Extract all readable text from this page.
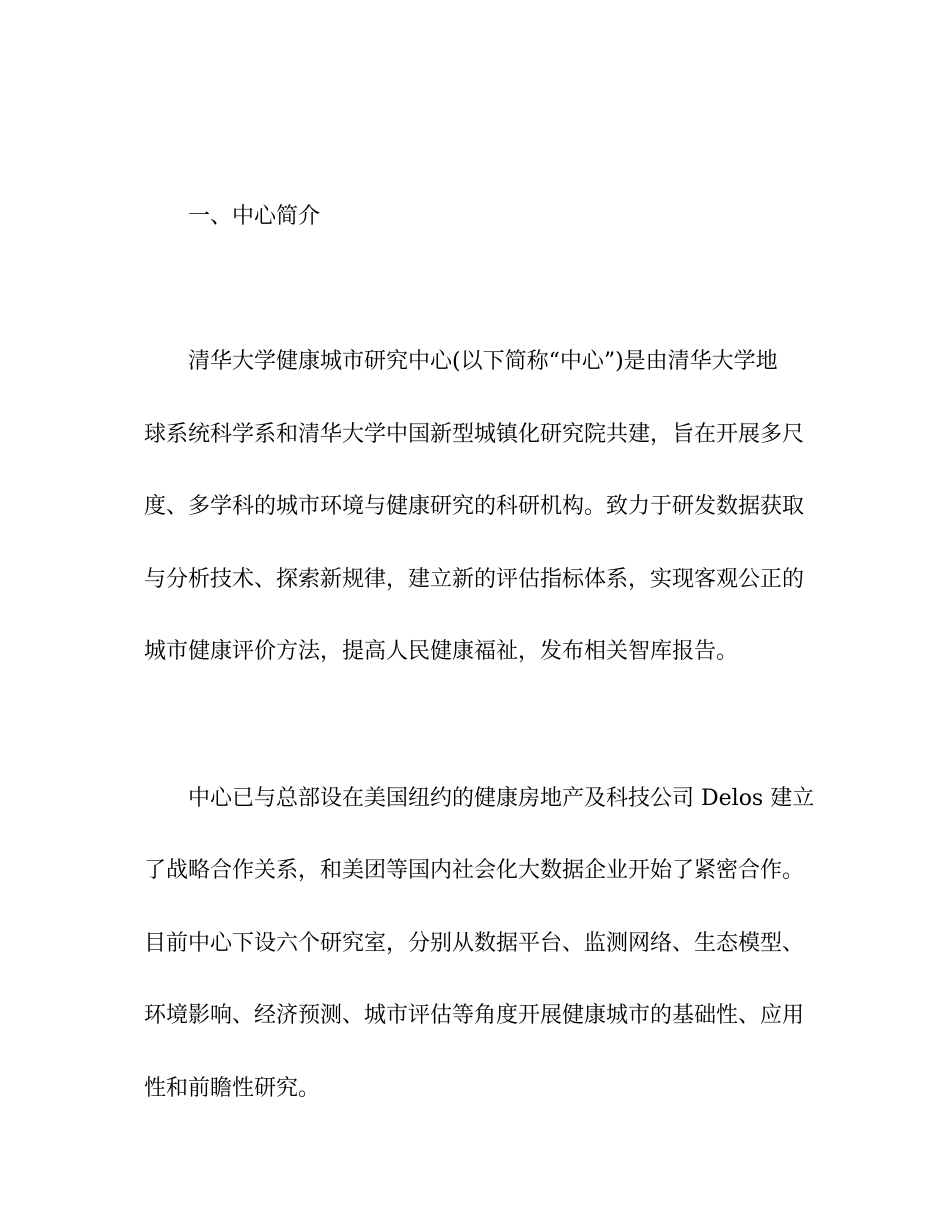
一、中心简介

清华大学健康城市研究中心(以下简称“中心”)是由清华大学地

球系统科学系和清华大学中国新型城镇化研究院共建，旨在开展多尺

度、多学科的城市环境与健康研究的科研机构。致力于研发数据获取

与分析技术、探索新规律，建立新的评估指标体系，实现客观公正的

城市健康评价方法，提高人民健康福祉，发布相关智库报告。

中心已与总部设在美国纽约的健康房地产及科技公司 Delos 建立

了战略合作关系，和美团等国内社会化大数据企业开始了紧密合作。

目前中心下设六个研究室，分别从数据平台、监测网络、生态模型、

环境影响、经济预测、城市评估等角度开展健康城市的基础性、应用

性和前瞻性研究。
